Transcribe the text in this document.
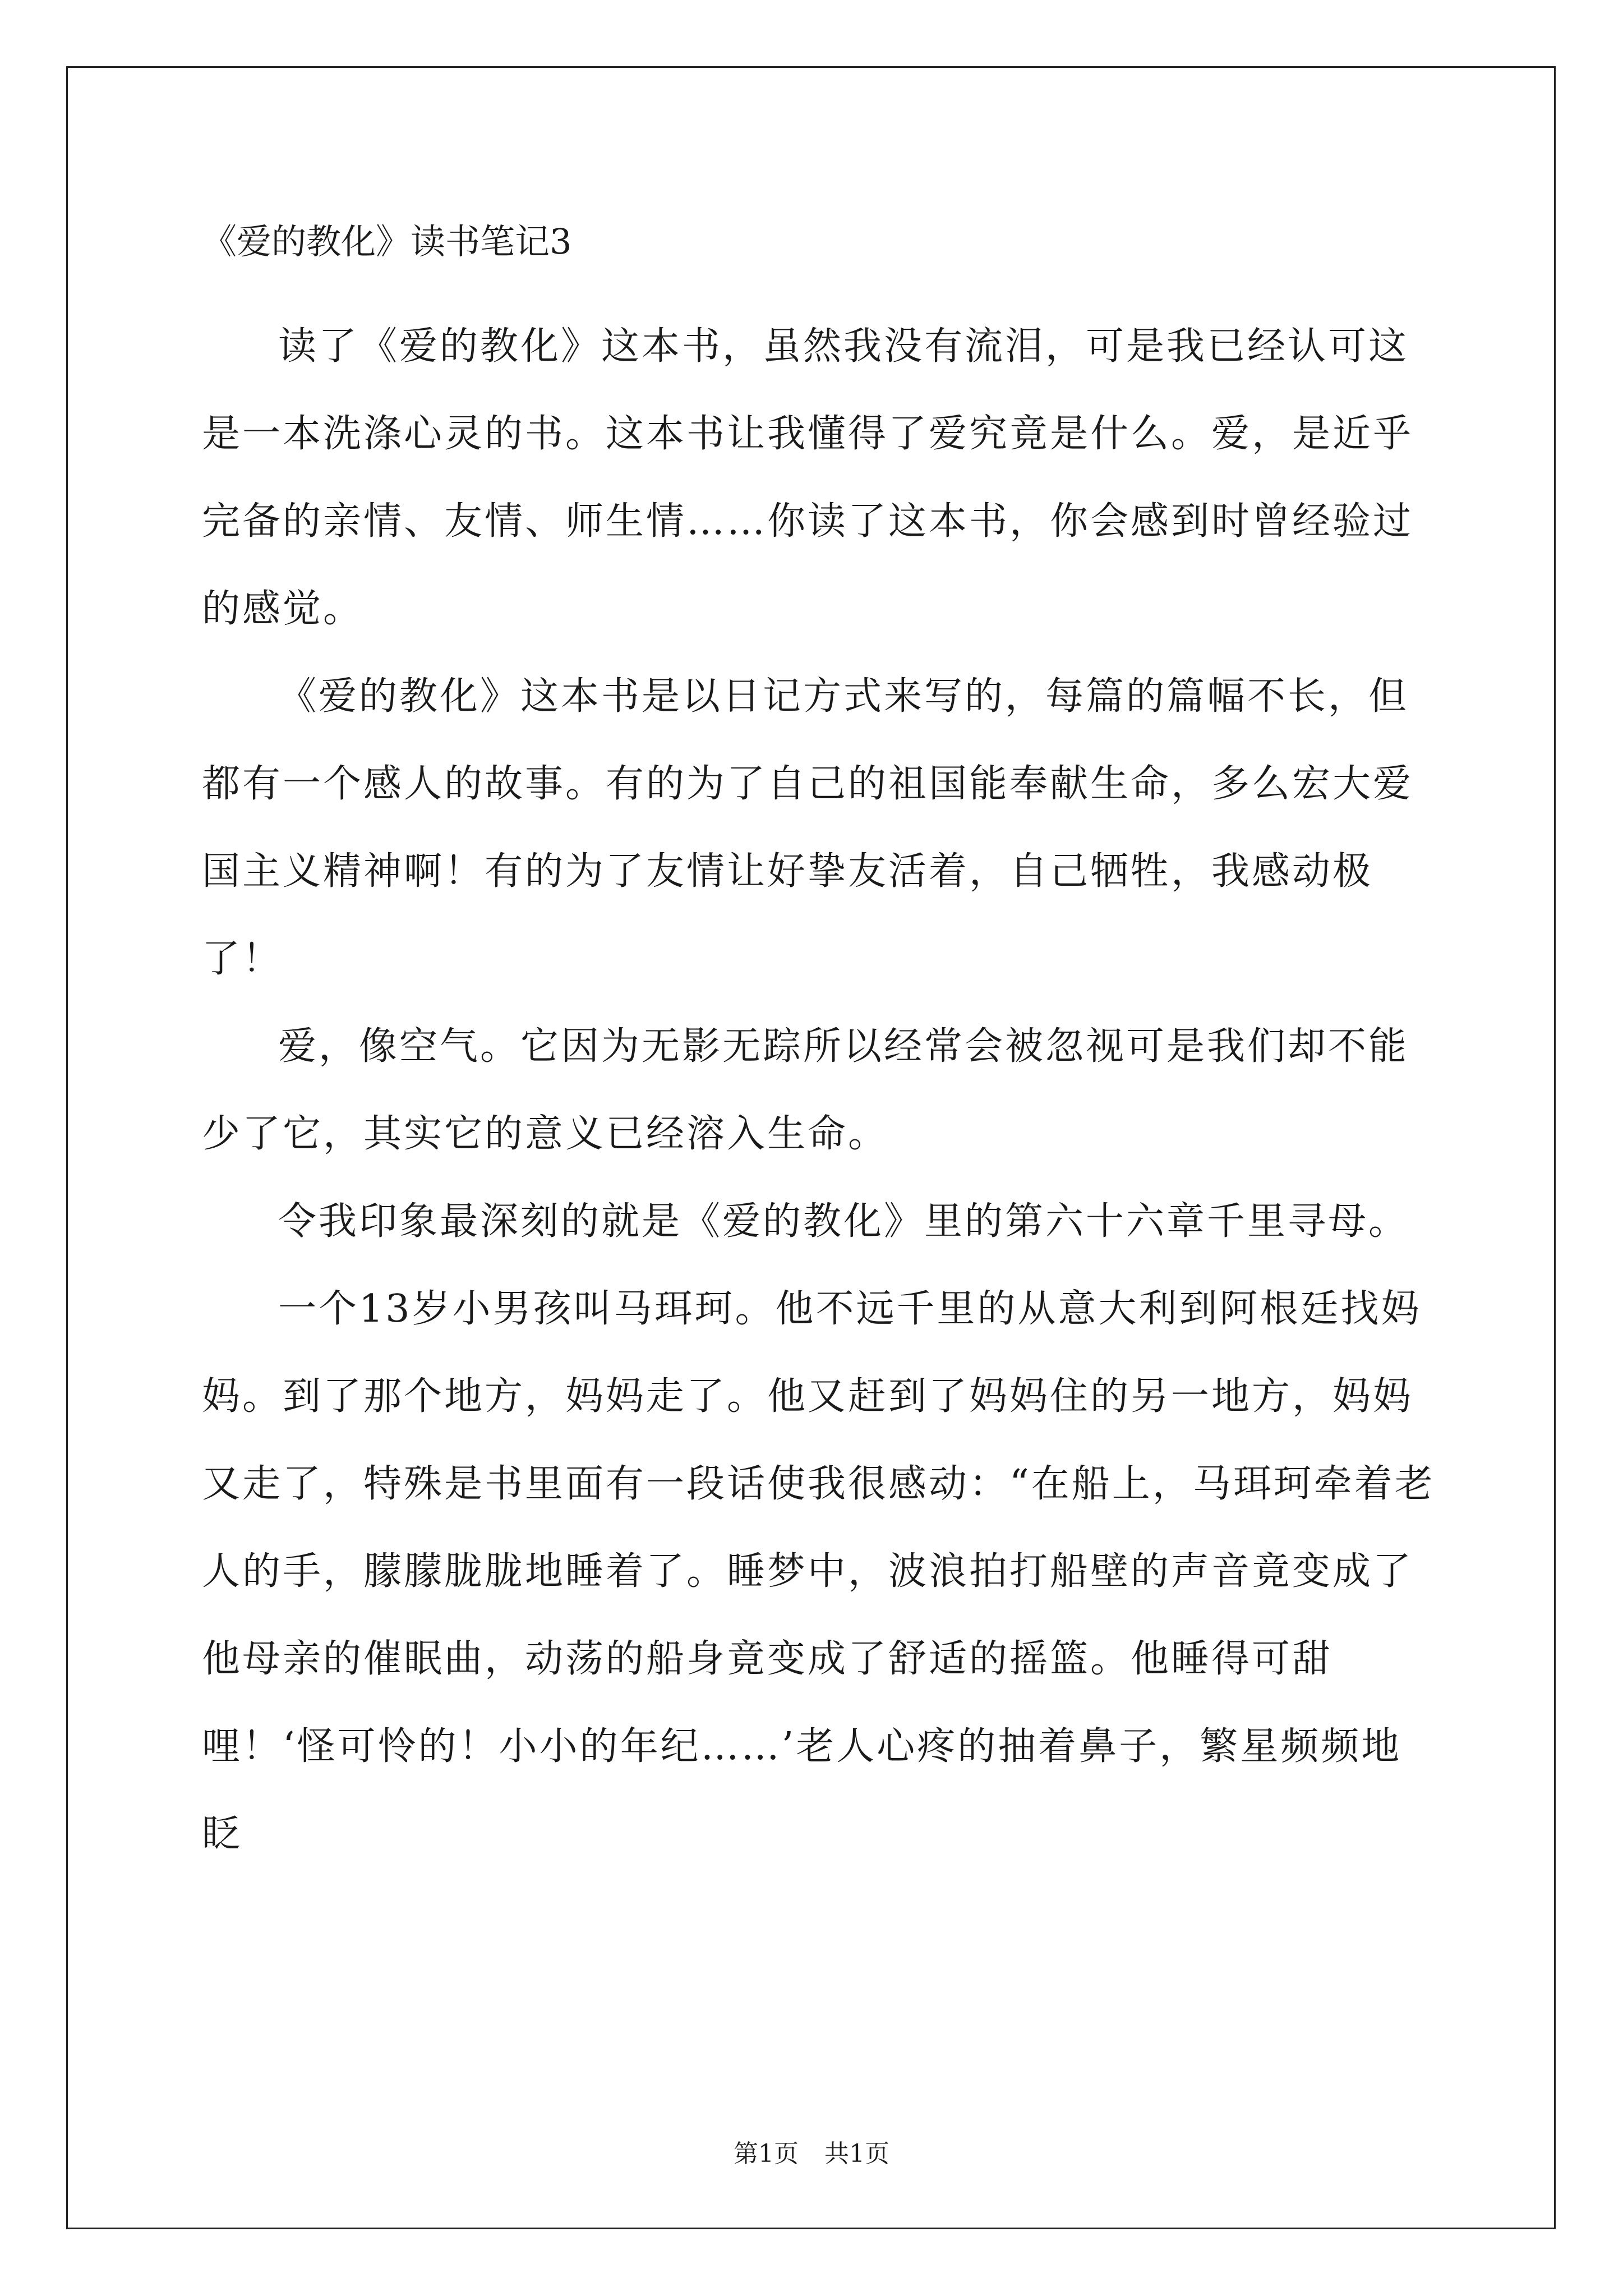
《爱的教化》读书笔记3

读了《爱的教化》这本书，虽然我没有流泪，可是我已经认可这是一本洗涤心灵的书。这本书让我懂得了爱究竟是什么。爱，是近乎完备的亲情、友情、师生情……你读了这本书，你会感到时曾经验过的感觉。

《爱的教化》这本书是以日记方式来写的，每篇的篇幅不长，但都有一个感人的故事。有的为了自己的祖国能奉献生命，多么宏大爱国主义精神啊！有的为了友情让好挚友活着，自己牺牲，我感动极了！

爱，像空气。它因为无影无踪所以经常会被忽视可是我们却不能少了它，其实它的意义已经溶入生命。

令我印象最深刻的就是《爱的教化》里的第六十六章千里寻母。

一个13岁小男孩叫马珥珂。他不远千里的从意大利到阿根廷找妈妈。到了那个地方，妈妈走了。他又赶到了妈妈住的另一地方，妈妈又走了，特殊是书里面有一段话使我很感动：“在船上，马珥珂牵着老人的手，朦朦胧胧地睡着了。睡梦中，波浪拍打船壁的声音竟变成了他母亲的催眠曲，动荡的船身竟变成了舒适的摇篮。他睡得可甜哩！‘怪可怜的！小小的年纪……’老人心疼的抽着鼻子，繁星频频地眨

第1页 共1页
